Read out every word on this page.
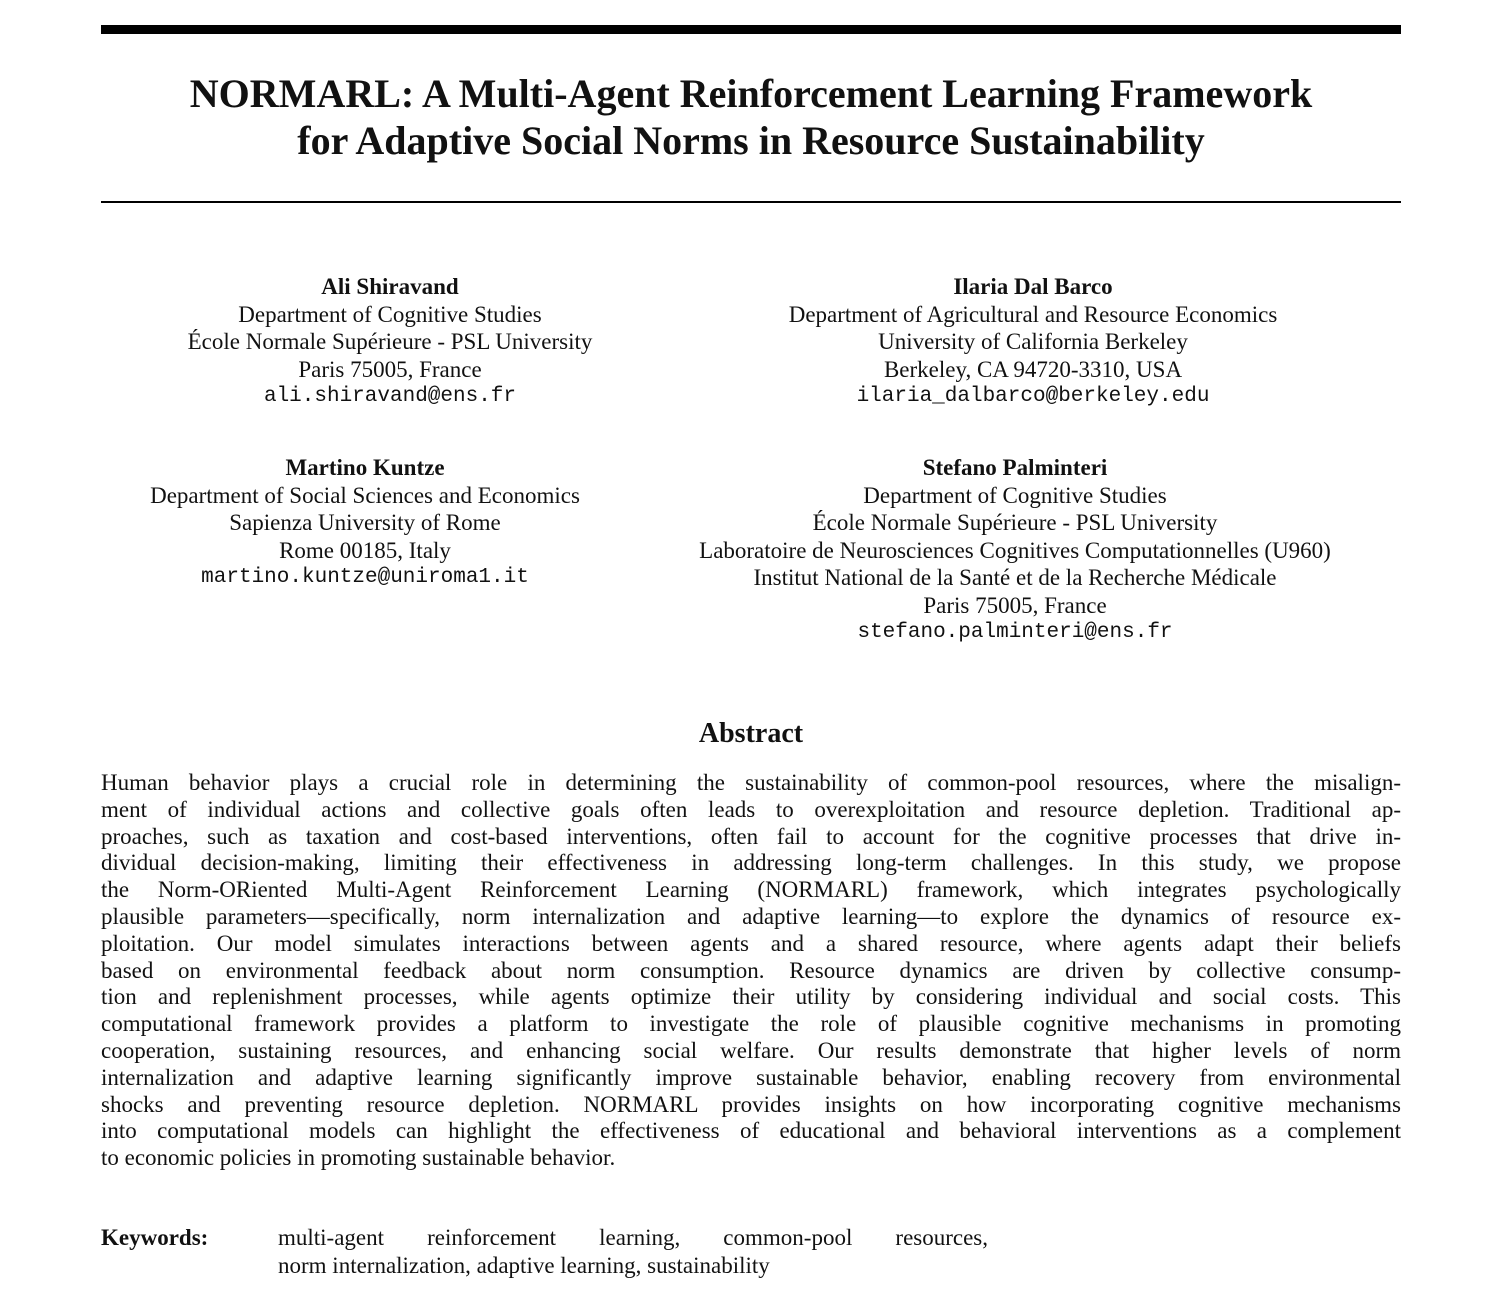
NORMARL: A Multi-Agent Reinforcement Learning Framework
for Adaptive Social Norms in Resource Sustainability
Ali Shiravand
Department of Cognitive Studies
École Normale Supérieure - PSL University
Paris 75005, France
ali.shiravand@ens.fr
Ilaria Dal Barco
Department of Agricultural and Resource Economics
University of California Berkeley
Berkeley, CA 94720-3310, USA
ilaria_dalbarco@berkeley.edu
Martino Kuntze
Department of Social Sciences and Economics
Sapienza University of Rome
Rome 00185, Italy
martino.kuntze@uniroma1.it
Stefano Palminteri
Department of Cognitive Studies
École Normale Supérieure - PSL University
Laboratoire de Neurosciences Cognitives Computationnelles (U960)
Institut National de la Santé et de la Recherche Médicale
Paris 75005, France
stefano.palminteri@ens.fr
Abstract
Human behavior plays a crucial role in determining the sustainability of common-pool resources, where the misalign-
ment of individual actions and collective goals often leads to overexploitation and resource depletion. Traditional ap-
proaches, such as taxation and cost-based interventions, often fail to account for the cognitive processes that drive in-
dividual decision-making, limiting their effectiveness in addressing long-term challenges. In this study, we propose
the Norm-ORiented Multi-Agent Reinforcement Learning (NORMARL) framework, which integrates psychologically
plausible parameters—specifically, norm internalization and adaptive learning—to explore the dynamics of resource ex-
ploitation. Our model simulates interactions between agents and a shared resource, where agents adapt their beliefs
based on environmental feedback about norm consumption. Resource dynamics are driven by collective consump-
tion and replenishment processes, while agents optimize their utility by considering individual and social costs. This
computational framework provides a platform to investigate the role of plausible cognitive mechanisms in promoting
cooperation, sustaining resources, and enhancing social welfare. Our results demonstrate that higher levels of norm
internalization and adaptive learning significantly improve sustainable behavior, enabling recovery from environmental
shocks and preventing resource depletion. NORMARL provides insights on how incorporating cognitive mechanisms
into computational models can highlight the effectiveness of educational and behavioral interventions as a complement
to economic policies in promoting sustainable behavior.
Keywords:	multi-agent reinforcement learning, common-pool resources,
norm internalization, adaptive learning, sustainability
